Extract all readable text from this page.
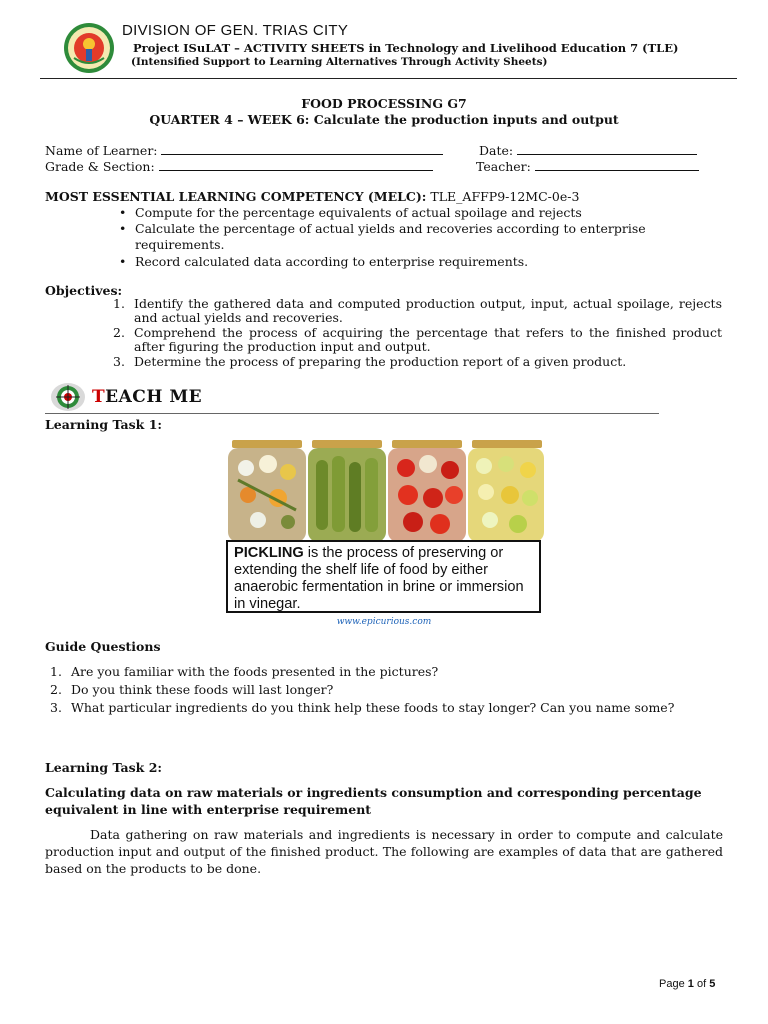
DIVISION OF GEN. TRIAS CITY
Project ISuLAT – ACTIVITY SHEETS in Technology and Livelihood Education 7 (TLE)
(Intensified Support to Learning Alternatives Through Activity Sheets)
FOOD PROCESSING G7
QUARTER 4 – WEEK 6: Calculate the production inputs and output
Name of Learner:	Date:
Grade & Section:	Teacher:
MOST ESSENTIAL LEARNING COMPETENCY (MELC): TLE_AFFP9-12MC-0e-3
• Compute for the percentage equivalents of actual spoilage and rejects
• Calculate the percentage of actual yields and recoveries according to enterprise requirements.
• Record calculated data according to enterprise requirements.
Objectives:
1. Identify the gathered data and computed production output, input, actual spoilage, rejects and actual yields and recoveries.
2. Comprehend the process of acquiring the percentage that refers to the finished product after figuring the production input and output.
3. Determine the process of preparing the production report of a given product.
TEACH ME
Learning Task 1:
PICKLING is the process of preserving or extending the shelf life of food by either anaerobic fermentation in brine or immersion in vinegar.
www.epicurious.com
Guide Questions
1. Are you familiar with the foods presented in the pictures?
2. Do you think these foods will last longer?
3. What particular ingredients do you think help these foods to stay longer? Can you name some?
Learning Task 2:
Calculating data on raw materials or ingredients consumption and corresponding percentage equivalent in line with enterprise requirement
Data gathering on raw materials and ingredients is necessary in order to compute and calculate production input and output of the finished product. The following are examples of data that are gathered based on the products to be done.
Page 1 of 5
